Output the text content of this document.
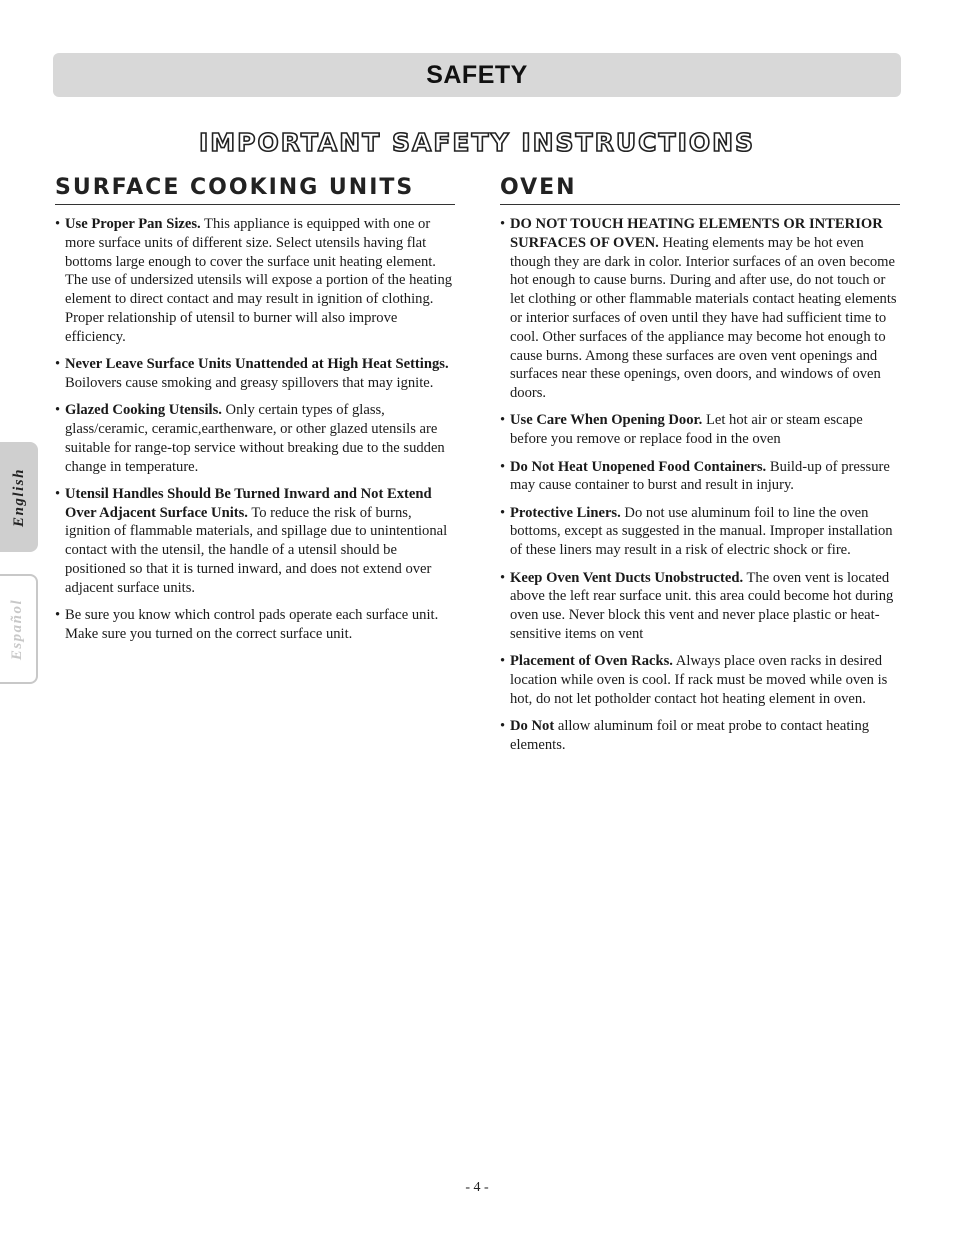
SAFETY
IMPORTANT SAFETY INSTRUCTIONS
English
Español
SURFACE COOKING UNITS
• Use Proper Pan Sizes. This appliance is equipped with one or more surface units of different size. Select utensils having flat bottoms large enough to cover the surface unit heating element.
The use of undersized utensils will expose a portion of the heating element to direct contact and may result in ignition of clothing. Proper relationship of utensil to burner will also improve efficiency.
• Never Leave Surface Units Unattended at High Heat Settings. Boilovers cause smoking and greasy spillovers that may ignite.
• Glazed Cooking Utensils. Only certain types of glass, glass/ceramic, ceramic,earthenware, or other glazed utensils are suitable for range-top service without breaking due to the sudden change in temperature.
• Utensil Handles Should Be Turned Inward and Not Extend Over Adjacent Surface Units. To reduce the risk of burns, ignition of flammable materials, and spillage due to unintentional contact with the utensil, the handle of a utensil should be positioned so that it is turned inward, and does not extend over adjacent surface units.
• Be sure you know which control pads operate each surface unit.
Make sure you turned on the correct surface unit.
OVEN
• DO NOT TOUCH HEATING ELEMENTS OR INTERIOR SURFACES OF OVEN. Heating elements may be hot even though they are dark in color. Interior surfaces of an oven become hot enough to cause burns. During and after use, do not touch or let clothing or other flammable materials contact heating elements or interior surfaces of oven until they have had sufficient time to cool. Other surfaces of the appliance may become hot enough to cause burns. Among these surfaces are oven vent openings and surfaces near these openings, oven doors, and windows of oven doors.
• Use Care When Opening Door. Let hot air or steam escape before you remove or replace food in the oven
• Do Not Heat Unopened Food Containers. Build-up of pressure may cause container to burst and result in injury.
• Protective Liners. Do not use aluminum foil to line the oven bottoms, except as suggested in the manual. Improper installation of these liners may result in a risk of electric shock or fire.
• Keep Oven Vent Ducts Unobstructed. The oven vent is located above the left rear surface unit. this area could become hot during oven use. Never block this vent and never place plastic or heat-sensitive items on vent
• Placement of Oven Racks. Always place oven racks in desired location while oven is cool. If rack must be moved while oven is hot, do not let potholder contact hot heating element in oven.
• Do Not allow aluminum foil or meat probe to contact heating elements.
- 4 -
